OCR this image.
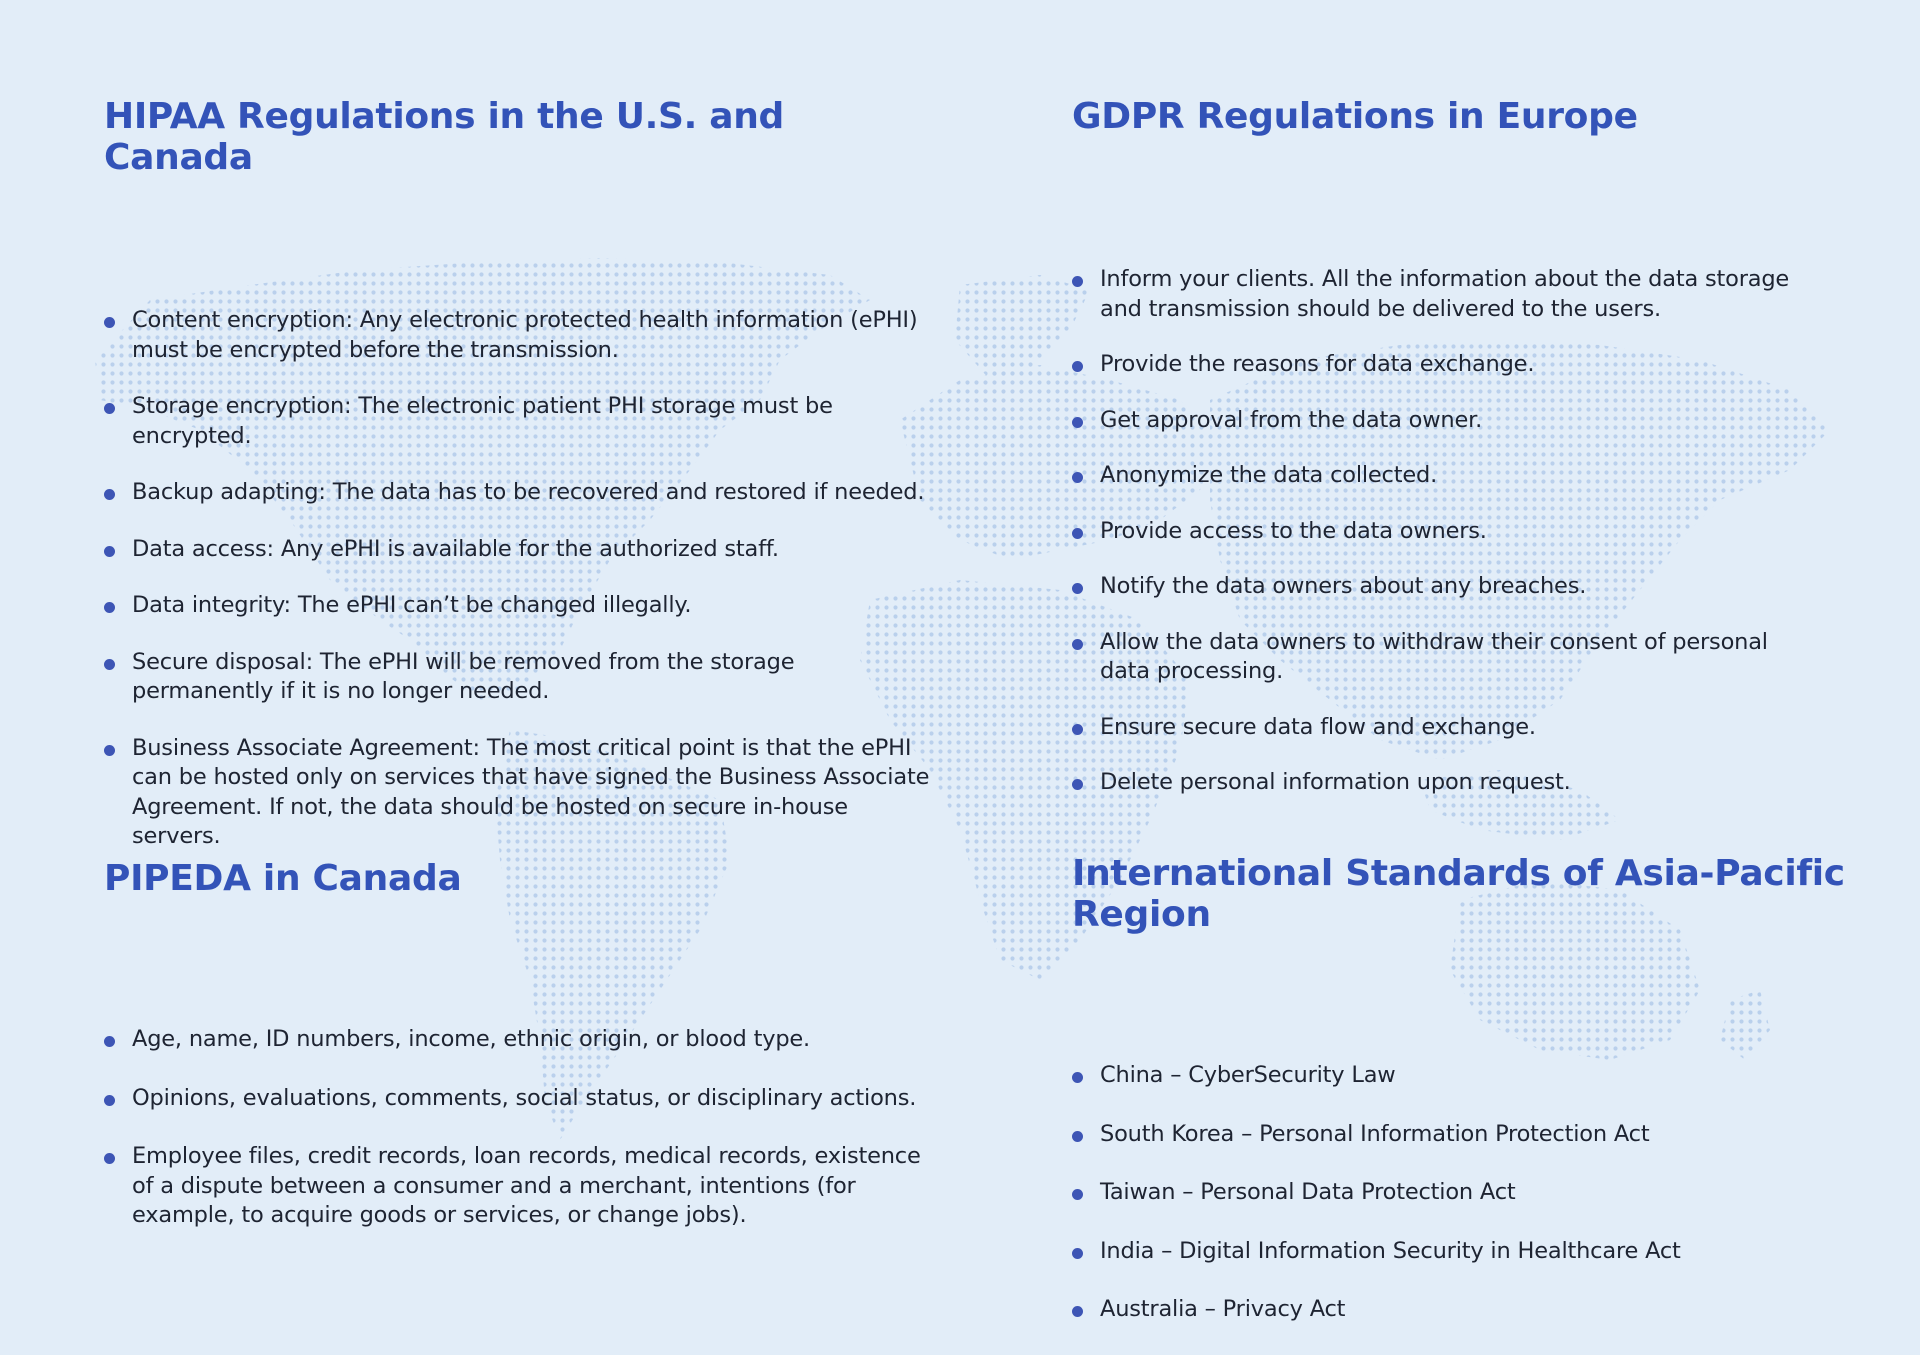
HIPAA Regulations in the U.S. and Canada
Content encryption: Any electronic protected health information (ePHI) must be encrypted before the transmission.
Storage encryption: The electronic patient PHI storage must be encrypted.
Backup adapting: The data has to be recovered and restored if needed.
Data access: Any ePHI is available for the authorized staff.
Data integrity: The ePHI can’t be changed illegally.
Secure disposal: The ePHI will be removed from the storage permanently if it is no longer needed.
Business Associate Agreement: The most critical point is that the ePHI can be hosted only on services that have signed the Business Associate Agreement. If not, the data should be hosted on secure in-house servers.
GDPR Regulations in Europe
Inform your clients. All the information about the data storage and transmission should be delivered to the users.
Provide the reasons for data exchange.
Get approval from the data owner.
Anonymize the data collected.
Provide access to the data owners.
Notify the data owners about any breaches.
Allow the data owners to withdraw their consent of personal data processing.
Ensure secure data flow and exchange.
Delete personal information upon request.
PIPEDA in Canada
Age, name, ID numbers, income, ethnic origin, or blood type.
Opinions, evaluations, comments, social status, or disciplinary actions.
Employee files, credit records, loan records, medical records, existence of a dispute between a consumer and a merchant, intentions (for example, to acquire goods or services, or change jobs).
International Standards of Asia-Pacific Region
China – CyberSecurity Law
South Korea – Personal Information Protection Act
Taiwan – Personal Data Protection Act
India – Digital Information Security in Healthcare Act
Australia – Privacy Act
